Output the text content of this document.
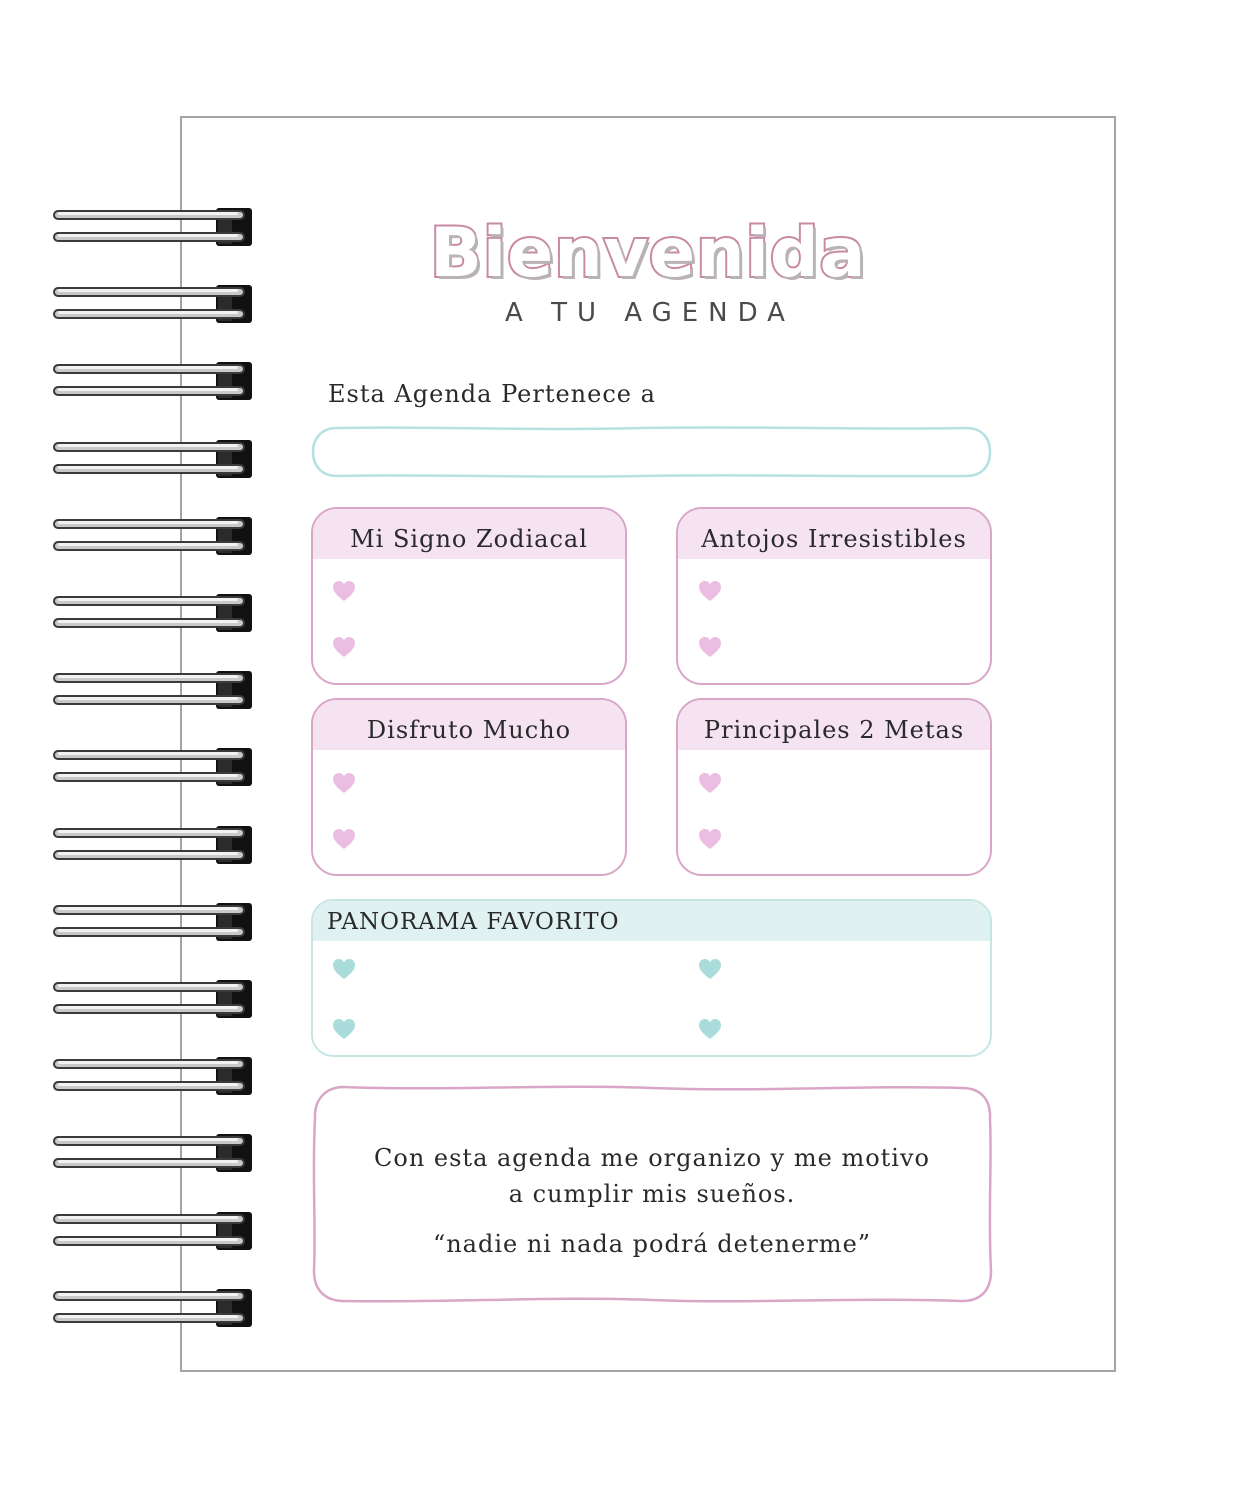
Bienvenida
A TU AGENDA
Esta Agenda Pertenece a
Mi Signo Zodiacal	Antojos Irresistibles
Disfruto Mucho	Principales 2 Metas
PANORAMA FAVORITO
Con esta agenda me organizo y me motivo
a cumplir mis sueños.
“nadie ni nada podrá detenerme”
